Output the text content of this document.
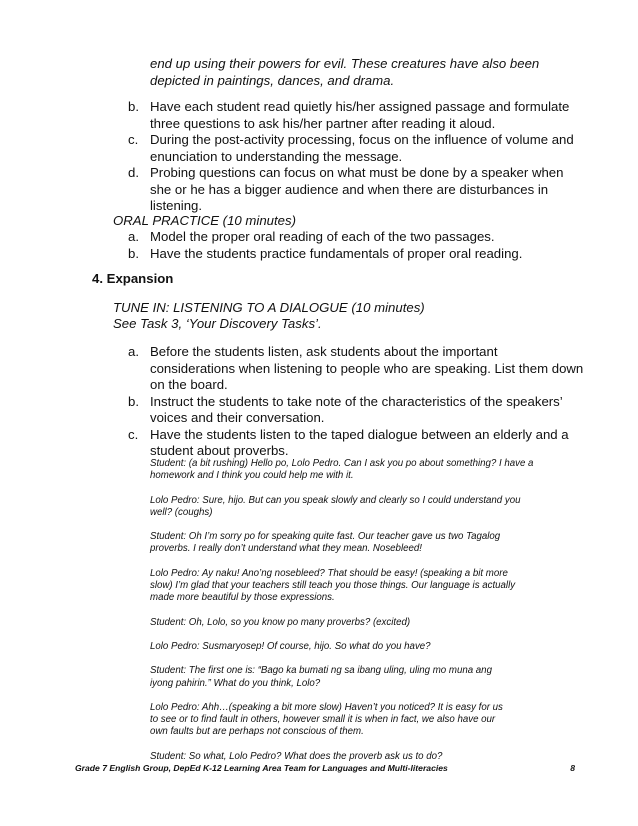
end up using their powers for evil. These creatures have also been
depicted in paintings, dances, and drama.
b. Have each student read quietly his/her assigned passage and formulate
three questions to ask his/her partner after reading it aloud.
c. During the post-activity processing, focus on the influence of volume and
enunciation to understanding the message.
d. Probing questions can focus on what must be done by a speaker when
she or he has a bigger audience and when there are disturbances in
listening.
ORAL PRACTICE (10 minutes)
a. Model the proper oral reading of each of the two passages.
b. Have the students practice fundamentals of proper oral reading.
4. Expansion
TUNE IN: LISTENING TO A DIALOGUE (10 minutes)
See Task 3, ‘Your Discovery Tasks’.
a. Before the students listen, ask students about the important
considerations when listening to people who are speaking. List them down
on the board.
b. Instruct the students to take note of the characteristics of the speakers’
voices and their conversation.
c. Have the students listen to the taped dialogue between an elderly and a
student about proverbs.

Student: (a bit rushing) Hello po, Lolo Pedro. Can I ask you po about something? I have a
homework and I think you could help me with it.

Lolo Pedro: Sure, hijo. But can you speak slowly and clearly so I could understand you
well? (coughs)

Student: Oh I’m sorry po for speaking quite fast. Our teacher gave us two Tagalog
proverbs. I really don’t understand what they mean. Nosebleed!

Lolo Pedro: Ay naku! Ano’ng nosebleed? That should be easy! (speaking a bit more
slow) I’m glad that your teachers still teach you those things. Our language is actually
made more beautiful by those expressions.

Student: Oh, Lolo, so you know po many proverbs? (excited)

Lolo Pedro: Susmaryosep! Of course, hijo. So what do you have?

Student: The first one is: “Bago ka bumati ng sa ibang uling, uling mo muna ang
iyong pahirin.” What do you think, Lolo?

Lolo Pedro: Ahh…(speaking a bit more slow) Haven’t you noticed? It is easy for us
to see or to find fault in others, however small it is when in fact, we also have our
own faults but are perhaps not conscious of them.

Student: So what, Lolo Pedro? What does the proverb ask us to do?

Grade 7 English Group, DepEd K-12 Learning Area Team for Languages and Multi-literacies	8
